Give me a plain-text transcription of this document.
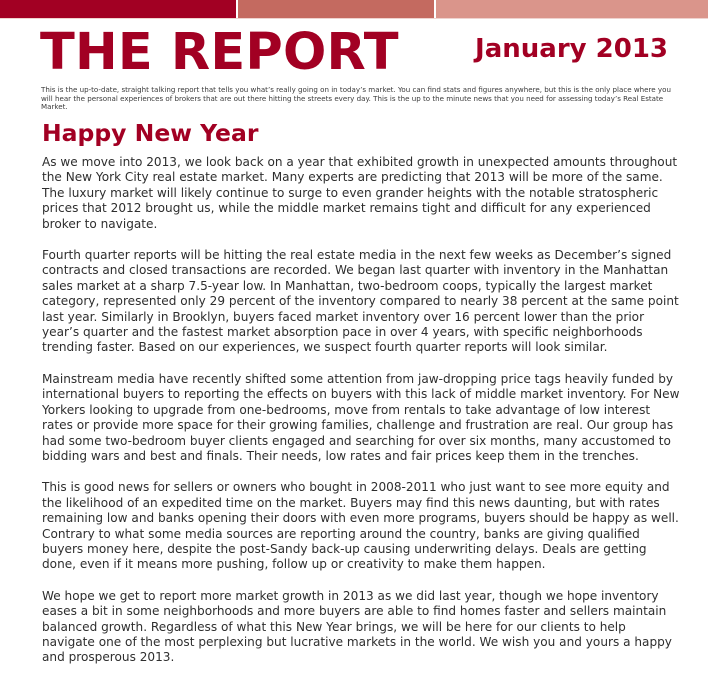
THE REPORT	January 2013

This is the up-to-date, straight talking report that tells you what’s really going on in today’s market. You can find stats and figures anywhere, but this is the only place where you will hear the personal experiences of brokers that are out there hitting the streets every day. This is the up to the minute news that you need for assessing today’s Real Estate Market.

Happy New Year

As we move into 2013, we look back on a year that exhibited growth in unexpected amounts throughout the New York City real estate market. Many experts are predicting that 2013 will be more of the same. The luxury market will likely continue to surge to even grander heights with the notable stratospheric prices that 2012 brought us, while the middle market remains tight and difficult for any experienced broker to navigate.

Fourth quarter reports will be hitting the real estate media in the next few weeks as December’s signed contracts and closed transactions are recorded. We began last quarter with inventory in the Manhattan sales market at a sharp 7.5-year low. In Manhattan, two-bedroom coops, typically the largest market category, represented only 29 percent of the inventory compared to nearly 38 percent at the same point last year. Similarly in Brooklyn, buyers faced market inventory over 16 percent lower than the prior year’s quarter and the fastest market absorption pace in over 4 years, with specific neighborhoods trending faster. Based on our experiences, we suspect fourth quarter reports will look similar.

Mainstream media have recently shifted some attention from jaw-dropping price tags heavily funded by international buyers to reporting the effects on buyers with this lack of middle market inventory. For New Yorkers looking to upgrade from one-bedrooms, move from rentals to take advantage of low interest rates or provide more space for their growing families, challenge and frustration are real. Our group has had some two-bedroom buyer clients engaged and searching for over six months, many accustomed to bidding wars and best and finals. Their needs, low rates and fair prices keep them in the trenches.

This is good news for sellers or owners who bought in 2008-2011 who just want to see more equity and the likelihood of an expedited time on the market. Buyers may find this news daunting, but with rates remaining low and banks opening their doors with even more programs, buyers should be happy as well. Contrary to what some media sources are reporting around the country, banks are giving qualified buyers money here, despite the post-Sandy back-up causing underwriting delays. Deals are getting done, even if it means more pushing, follow up or creativity to make them happen.

We hope we get to report more market growth in 2013 as we did last year, though we hope inventory eases a bit in some neighborhoods and more buyers are able to find homes faster and sellers maintain balanced growth. Regardless of what this New Year brings, we will be here for our clients to help navigate one of the most perplexing but lucrative markets in the world. We wish you and yours a happy and prosperous 2013.
